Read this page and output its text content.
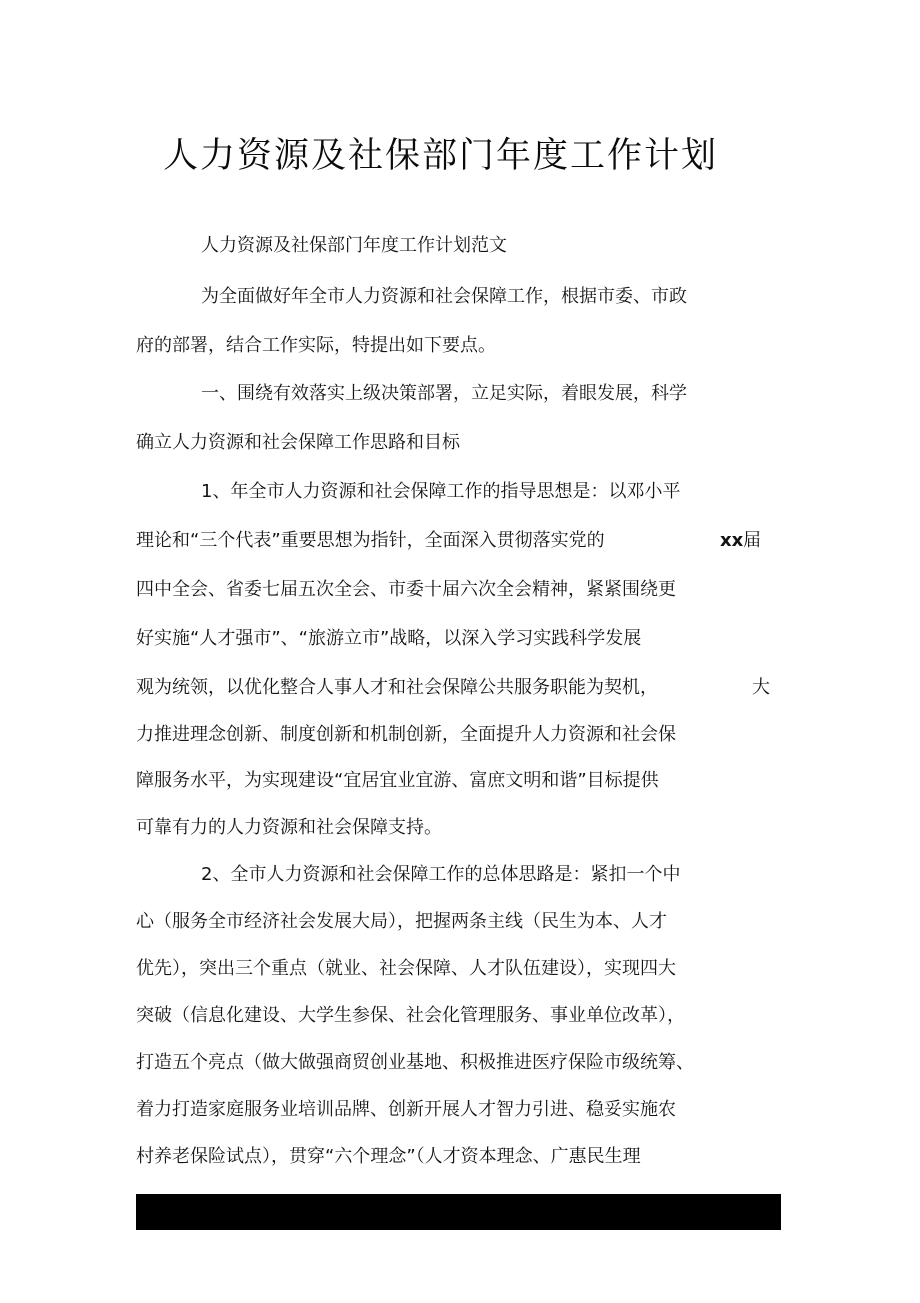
人力资源及社保部门年度工作计划
人力资源及社保部门年度工作计划范文
为全面做好年全市人力资源和社会保障工作，根据市委、市政
府的部署，结合工作实际，特提出如下要点。
一、围绕有效落实上级决策部署，立足实际，着眼发展，科学
确立人力资源和社会保障工作思路和目标
1、年全市人力资源和社会保障工作的指导思想是：以邓小平
理论和“三个代表”重要思想为指针，全面深入贯彻落实党的	xx 届
四中全会、省委七届五次全会、市委十届六次全会精神，紧紧围绕更
好实施“人才强市”、“旅游立市”战略，以深入学习实践科学发展
观为统领，以优化整合人事人才和社会保障公共服务职能为契机，	大
力推进理念创新、制度创新和机制创新，全面提升人力资源和社会保
障服务水平，为实现建设“宜居宜业宜游、富庶文明和谐”目标提供
可靠有力的人力资源和社会保障支持。
2、全市人力资源和社会保障工作的总体思路是：紧扣一个中
心（服务全市经济社会发展大局），把握两条主线（民生为本、人才
优先），突出三个重点（就业、社会保障、人才队伍建设），实现四大
突破（信息化建设、大学生参保、社会化管理服务、事业单位改革），
打造五个亮点（做大做强商贸创业基地、积极推进医疗保险市级统筹、
着力打造家庭服务业培训品牌、创新开展人才智力引进、稳妥实施农
村养老保险试点），贯穿“六个理念”（人才资本理念、广惠民生理
